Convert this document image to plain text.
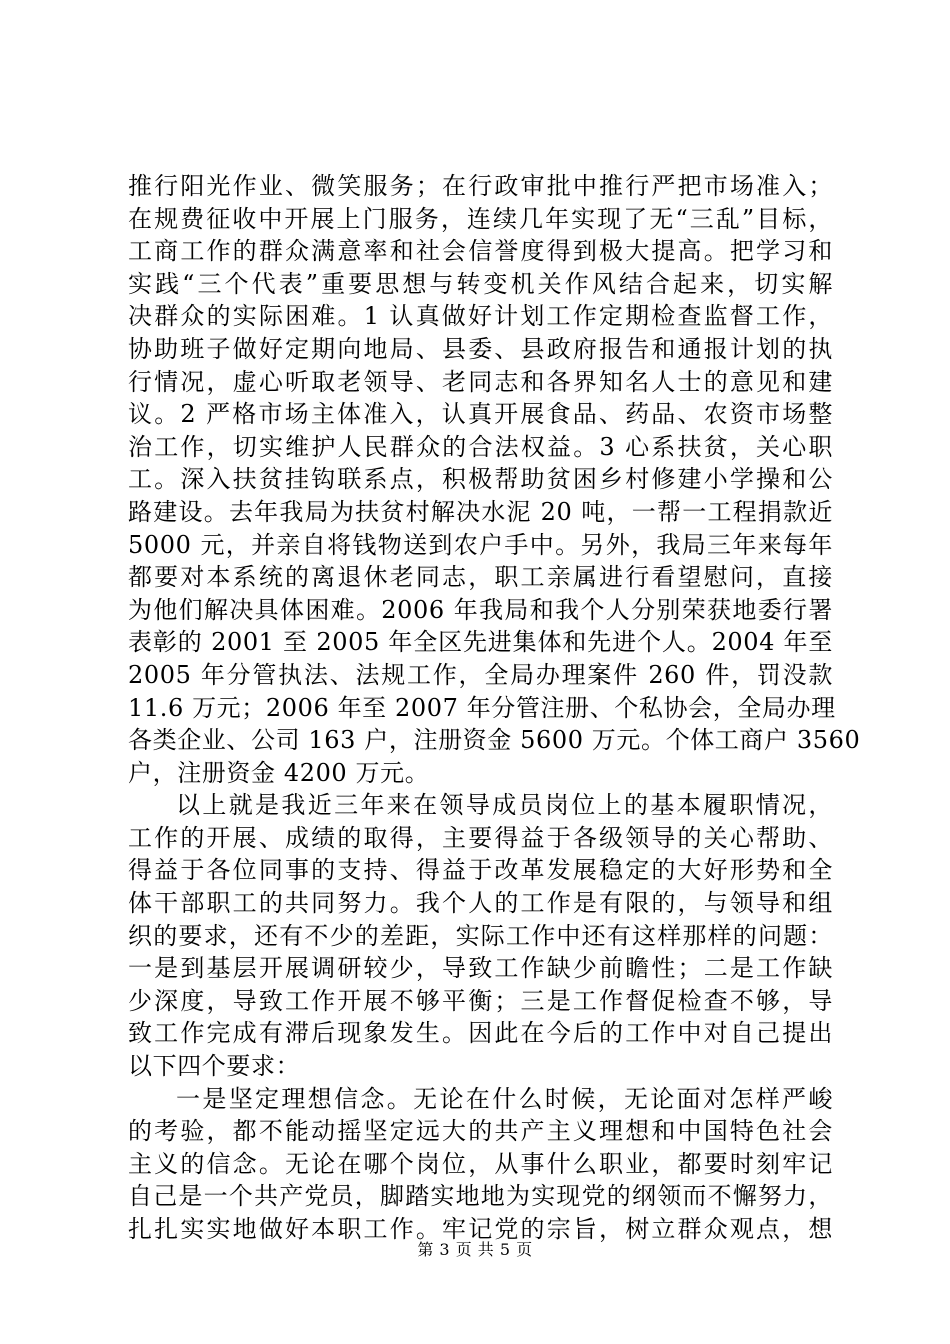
推行阳光作业、微笑服务；在行政审批中推行严把市场准入；
在规费征收中开展上门服务，连续几年实现了无“三乱”目标，
工商工作的群众满意率和社会信誉度得到极大提高。把学习和
实践“三个代表”重要思想与转变机关作风结合起来，切实解
决群众的实际困难。1 认真做好计划工作定期检查监督工作，
协助班子做好定期向地局、县委、县政府报告和通报计划的执
行情况，虚心听取老领导、老同志和各界知名人士的意见和建
议。2 严格市场主体准入，认真开展食品、药品、农资市场整
治工作，切实维护人民群众的合法权益。3 心系扶贫，关心职
工。深入扶贫挂钩联系点，积极帮助贫困乡村修建小学操和公
路建设。去年我局为扶贫村解决水泥 20 吨，一帮一工程捐款近
5000 元，并亲自将钱物送到农户手中。另外，我局三年来每年
都要对本系统的离退休老同志，职工亲属进行看望慰问，直接
为他们解决具体困难。2006 年我局和我个人分别荣获地委行署
表彰的 2001 至 2005 年全区先进集体和先进个人。2004 年至
2005 年分管执法、法规工作，全局办理案件 260 件，罚没款
11.6 万元；2006 年至 2007 年分管注册、个私协会，全局办理
各类企业、公司 163 户，注册资金 5600 万元。个体工商户 3560
户，注册资金 4200 万元。
以上就是我近三年来在领导成员岗位上的基本履职情况，
工作的开展、成绩的取得，主要得益于各级领导的关心帮助、
得益于各位同事的支持、得益于改革发展稳定的大好形势和全
体干部职工的共同努力。我个人的工作是有限的，与领导和组
织的要求，还有不少的差距，实际工作中还有这样那样的问题：
一是到基层开展调研较少，导致工作缺少前瞻性；二是工作缺
少深度，导致工作开展不够平衡；三是工作督促检查不够，导
致工作完成有滞后现象发生。因此在今后的工作中对自己提出
以下四个要求：
一是坚定理想信念。无论在什么时候，无论面对怎样严峻
的考验，都不能动摇坚定远大的共产主义理想和中国特色社会
主义的信念。无论在哪个岗位，从事什么职业，都要时刻牢记
自己是一个共产党员，脚踏实地地为实现党的纲领而不懈努力，
扎扎实实地做好本职工作。牢记党的宗旨，树立群众观点，想
第 3 页 共 5 页
